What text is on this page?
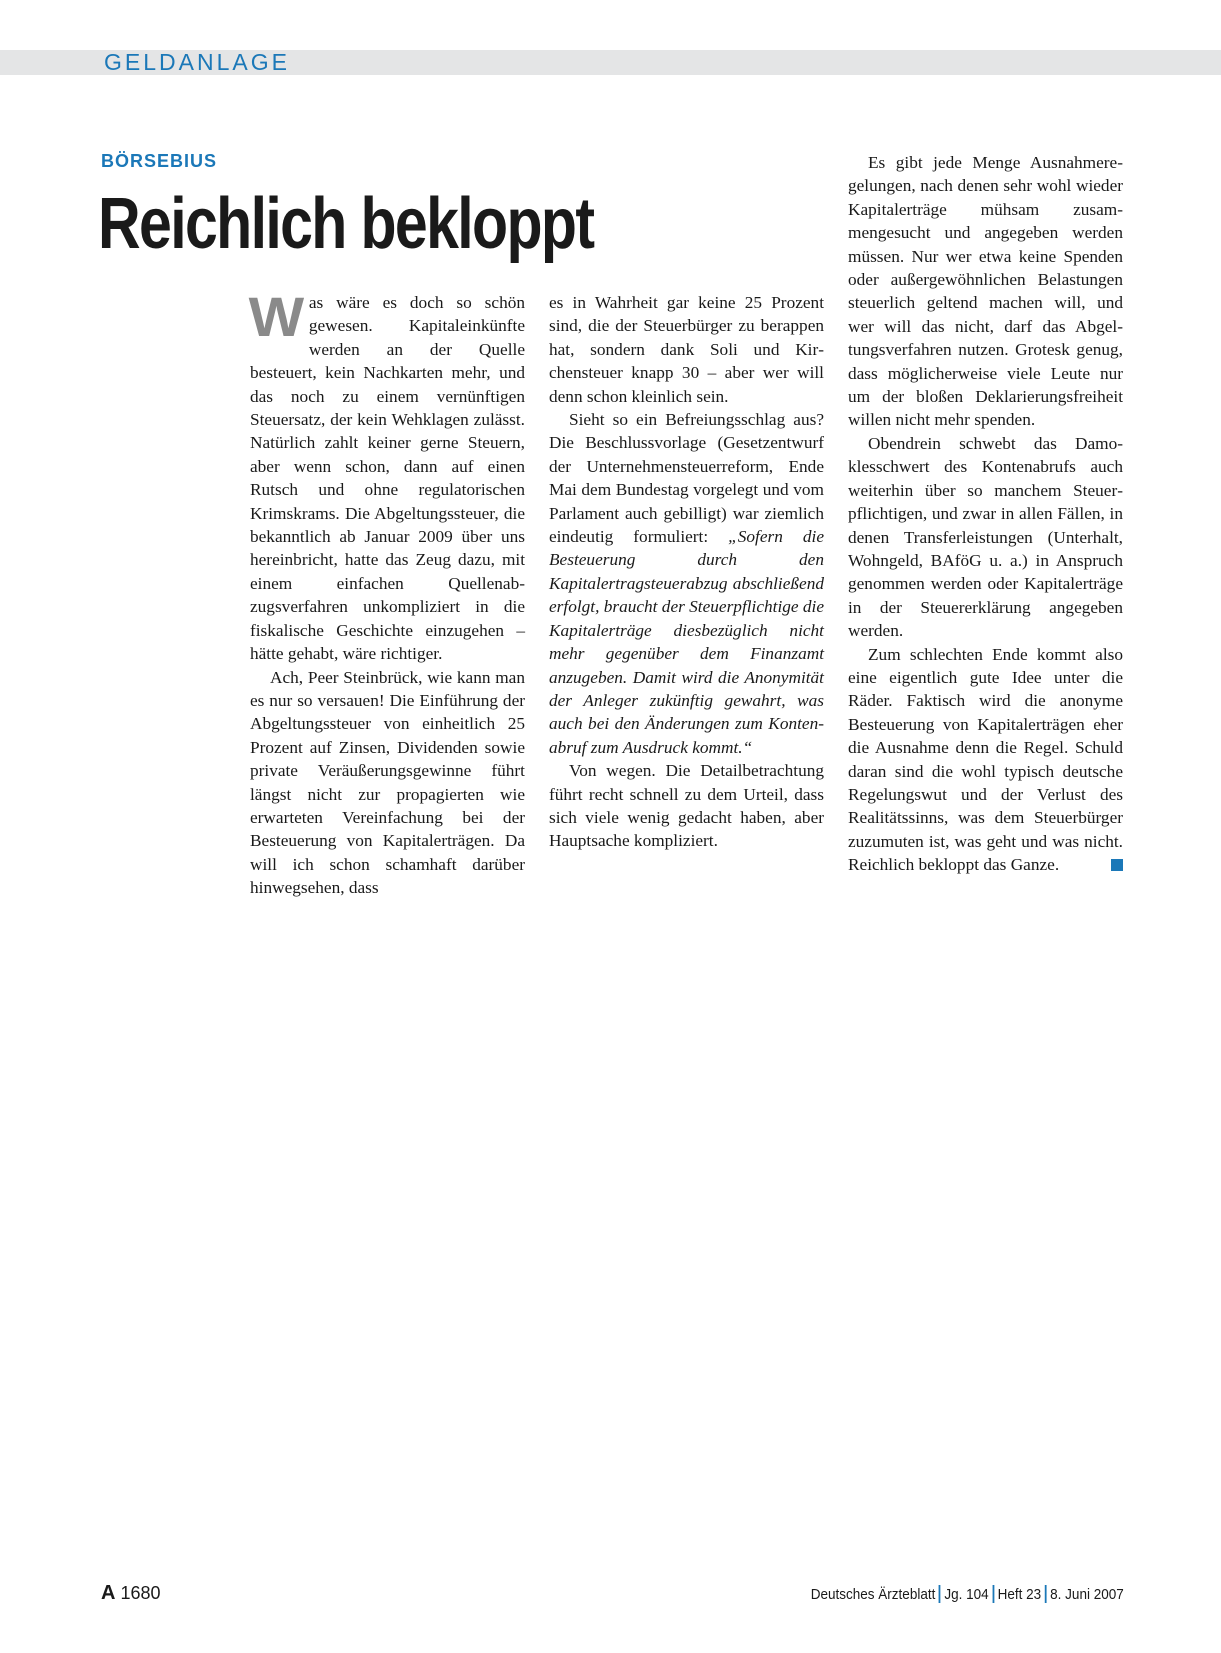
GELDANLAGE
BÖRSEBIUS
Reichlich bekloppt

Was wäre es doch so schön gewesen. Kapitaleinkünfte werden an der Quelle besteuert, kein Nachkarten mehr, und das noch zu einem vernünftigen Steuersatz, der kein Wehklagen zulässt. Natürlich zahlt keiner gerne Steuern, aber wenn schon, dann auf einen Rutsch und ohne regulatorischen Krimskrams. Die Abgeltungssteuer, die bekanntlich ab Januar 2009 über uns hereinbricht, hatte das Zeug dazu, mit einem einfachen Quellenabzugsverfahren unkompliziert in die fiskalische Geschichte einzugehen – hätte gehabt, wäre richtiger.

Ach, Peer Steinbrück, wie kann man es nur so versauen! Die Einführung der Abgeltungssteuer von einheitlich 25 Prozent auf Zinsen, Dividenden sowie private Veräußerungsgewinne führt längst nicht zur propagierten wie erwarteten Vereinfachung bei der Besteuerung von Kapitalerträgen. Da will ich schon schamhaft darüber hinwegsehen, dass

es in Wahrheit gar keine 25 Prozent sind, die der Steuerbürger zu berappen hat, sondern dank Soli und Kirchensteuer knapp 30 – aber wer will denn schon kleinlich sein.

Sieht so ein Befreiungsschlag aus? Die Beschlussvorlage (Gesetzentwurf der Unternehmensteuerreform, Ende Mai dem Bundestag vorgelegt und vom Parlament auch gebilligt) war ziemlich eindeutig formuliert: „Sofern die Besteuerung durch den Kapitalertragsteuerabzug abschließend erfolgt, braucht der Steuerpflichtige die Kapitalerträge diesbezüglich nicht mehr gegenüber dem Finanzamt anzugeben. Damit wird die Anonymität der Anleger zukünftig gewahrt, was auch bei den Änderungen zum Kontenabruf zum Ausdruck kommt.“

Von wegen. Die Detailbetrachtung führt recht schnell zu dem Urteil, dass sich viele wenig gedacht haben, aber Hauptsache kompliziert.

Es gibt jede Menge Ausnahmeregelungen, nach denen sehr wohl wieder Kapitalerträge mühsam zusammengesucht und angegeben werden müssen. Nur wer etwa keine Spenden oder außergewöhnlichen Belastungen steuerlich geltend machen will, und wer will das nicht, darf das Abgeltungsverfahren nutzen. Grotesk genug, dass möglicherweise viele Leute nur um der bloßen Deklarierungsfreiheit willen nicht mehr spenden.

Obendrein schwebt das Damoklesschwert des Kontenabrufs auch weiterhin über so manchem Steuerpflichtigen, und zwar in allen Fällen, in denen Transferleistungen (Unterhalt, Wohngeld, BAföG u. a.) in Anspruch genommen werden oder Kapitalerträge in der Steuererklärung angegeben werden.

Zum schlechten Ende kommt also eine eigentlich gute Idee unter die Räder. Faktisch wird die anonyme Besteuerung von Kapitalerträgen eher die Ausnahme denn die Regel. Schuld daran sind die wohl typisch deutsche Regelungswut und der Verlust des Realitätssinns, was dem Steuerbürger zuzumuten ist, was geht und was nicht. Reichlich bekloppt das Ganze.

A 1680	Deutsches Ärzteblatt Jg. 104 Heft 23 8. Juni 2007
